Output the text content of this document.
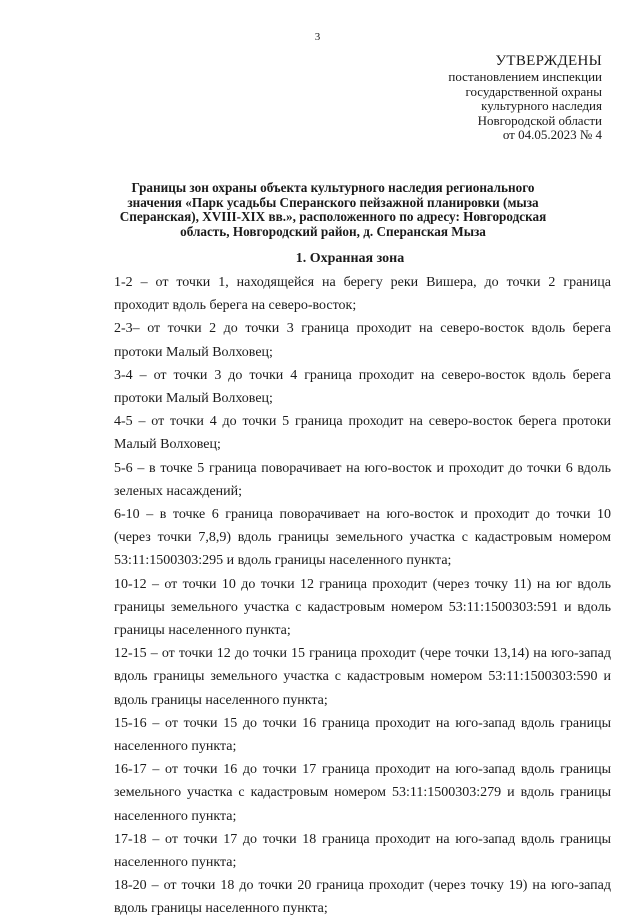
3
УТВЕРЖДЕНЫ
постановлением инспекции
государственной охраны
культурного наследия
Новгородской области
от 04.05.2023 № 4
Границы зон охраны объекта культурного наследия регионального значения «Парк усадьбы Сперанского пейзажной планировки (мыза Сперанская), XVIII-XIX вв.», расположенного по адресу: Новгородская область, Новгородский район, д. Сперанская Мыза
1. Охранная зона

1-2 – от точки 1, находящейся на берегу реки Вишера, до точки 2 граница проходит вдоль берега на северо-восток;

2-3– от точки 2 до точки 3 граница проходит на северо-восток вдоль берега протоки Малый Волховец;

3-4 – от точки 3 до точки 4 граница проходит на северо-восток вдоль берега протоки Малый Волховец;

4-5 – от точки 4 до точки 5 граница проходит на северо-восток берега протоки Малый Волховец;

5-6 – в точке 5 граница поворачивает на юго-восток и проходит до точки 6 вдоль зеленых насаждений;

6-10 – в точке 6 граница поворачивает на юго-восток и проходит до точки 10 (через точки 7,8,9) вдоль границы земельного участка с кадастровым номером 53:11:1500303:295 и вдоль границы населенного пункта;

10-12 – от точки 10 до точки 12 граница проходит (через точку 11) на юг вдоль границы земельного участка с кадастровым номером 53:11:1500303:591 и вдоль границы населенного пункта;

12-15 – от точки 12 до точки 15 граница проходит (чере точки 13,14) на юго-запад вдоль границы земельного участка с кадастровым номером 53:11:1500303:590 и вдоль границы населенного пункта;

15-16 – от точки 15 до точки 16 граница проходит на юго-запад вдоль границы населенного пункта;

16-17 – от точки 16 до точки 17 граница проходит на юго-запад вдоль границы земельного участка с кадастровым номером 53:11:1500303:279 и вдоль границы населенного пункта;

17-18 – от точки 17 до точки 18 граница проходит на юго-запад вдоль границы населенного пункта;

18-20 – от точки 18 до точки 20 граница проходит (через точку 19) на юго-запад вдоль границы населенного пункта;
